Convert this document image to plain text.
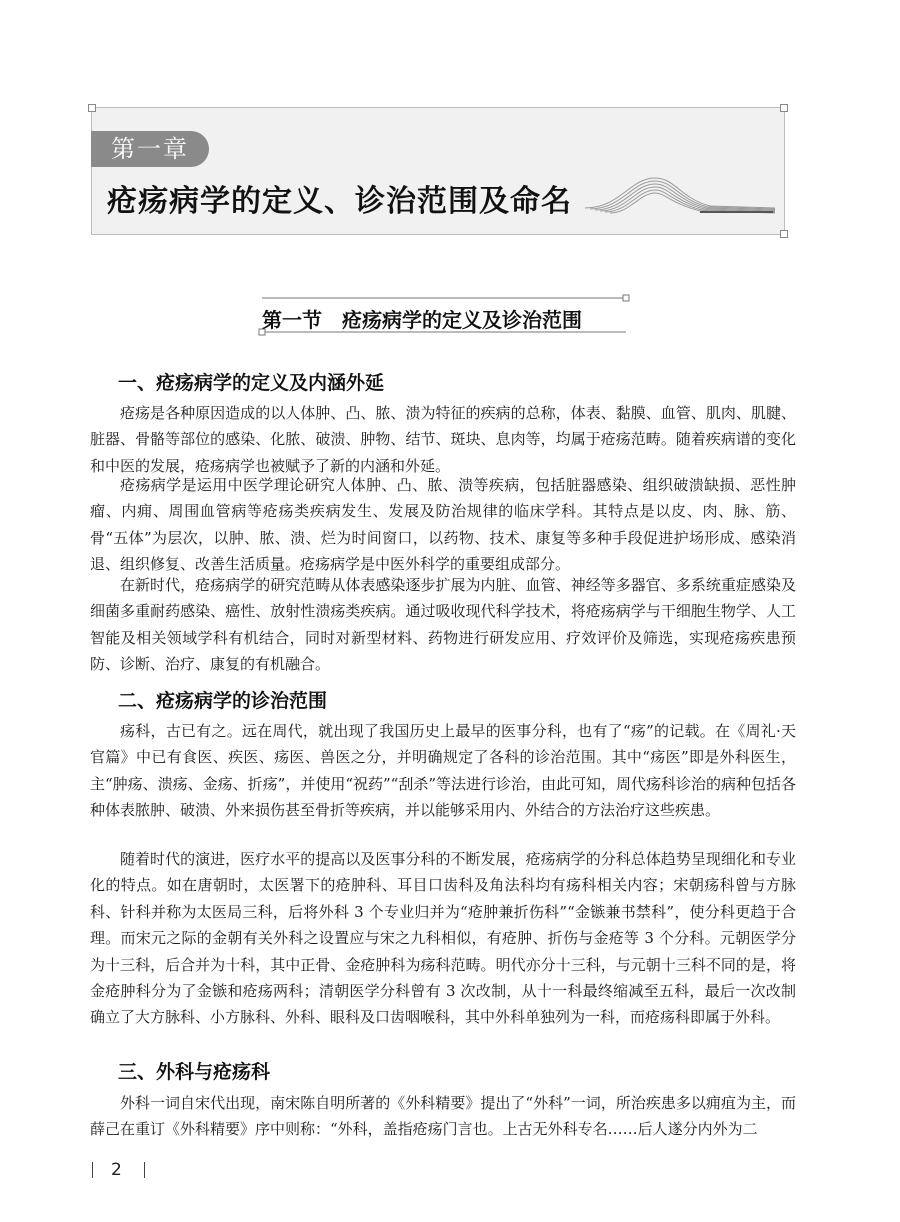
第一章
疮疡病学的定义、诊治范围及命名
第一节　疮疡病学的定义及诊治范围
一、疮疡病学的定义及内涵外延

疮疡是各种原因造成的以人体肿、凸、脓、溃为特征的疾病的总称，体表、黏膜、血管、肌肉、肌腱、脏器、骨骼等部位的感染、化脓、破溃、肿物、结节、斑块、息肉等，均属于疮疡范畴。随着疾病谱的变化和中医的发展，疮疡病学也被赋予了新的内涵和外延。

疮疡病学是运用中医学理论研究人体肿、凸、脓、溃等疾病，包括脏器感染、组织破溃缺损、恶性肿瘤、内痈、周围血管病等疮疡类疾病发生、发展及防治规律的临床学科。其特点是以皮、肉、脉、筋、骨“五体”为层次，以肿、脓、溃、烂为时间窗口，以药物、技术、康复等多种手段促进护场形成、感染消退、组织修复、改善生活质量。疮疡病学是中医外科学的重要组成部分。

在新时代，疮疡病学的研究范畴从体表感染逐步扩展为内脏、血管、神经等多器官、多系统重症感染及细菌多重耐药感染、癌性、放射性溃疡类疾病。通过吸收现代科学技术，将疮疡病学与干细胞生物学、人工智能及相关领域学科有机结合，同时对新型材料、药物进行研发应用、疗效评价及筛选，实现疮疡疾患预防、诊断、治疗、康复的有机融合。

二、疮疡病学的诊治范围

疡科，古已有之。远在周代，就出现了我国历史上最早的医事分科，也有了“疡”的记载。在《周礼·天官篇》中已有食医、疾医、疡医、兽医之分，并明确规定了各科的诊治范围。其中“疡医”即是外科医生，主“肿疡、溃疡、金疡、折疡”，并使用“祝药”“刮杀”等法进行诊治，由此可知，周代疡科诊治的病种包括各种体表脓肿、破溃、外来损伤甚至骨折等疾病，并以能够采用内、外结合的方法治疗这些疾患。

随着时代的演进，医疗水平的提高以及医事分科的不断发展，疮疡病学的分科总体趋势呈现细化和专业化的特点。如在唐朝时，太医署下的疮肿科、耳目口齿科及角法科均有疡科相关内容；宋朝疡科曾与方脉科、针科并称为太医局三科，后将外科 3 个专业归并为“疮肿兼折伤科”“金镞兼书禁科”，使分科更趋于合理。而宋元之际的金朝有关外科之设置应与宋之九科相似，有疮肿、折伤与金疮等 3 个分科。元朝医学分为十三科，后合并为十科，其中正骨、金疮肿科为疡科范畴。明代亦分十三科，与元朝十三科不同的是，将金疮肿科分为了金镞和疮疡两科；清朝医学分科曾有 3 次改制，从十一科最终缩减至五科，最后一次改制确立了大方脉科、小方脉科、外科、眼科及口齿咽喉科，其中外科单独列为一科，而疮疡科即属于外科。

三、外科与疮疡科

外科一词自宋代出现，南宋陈自明所著的《外科精要》提出了“外科”一词，所治疾患多以痈疽为主，而薛己在重订《外科精要》序中则称：“外科，盖指疮疡门言也。上古无外科专名……后人遂分内外为二

2
